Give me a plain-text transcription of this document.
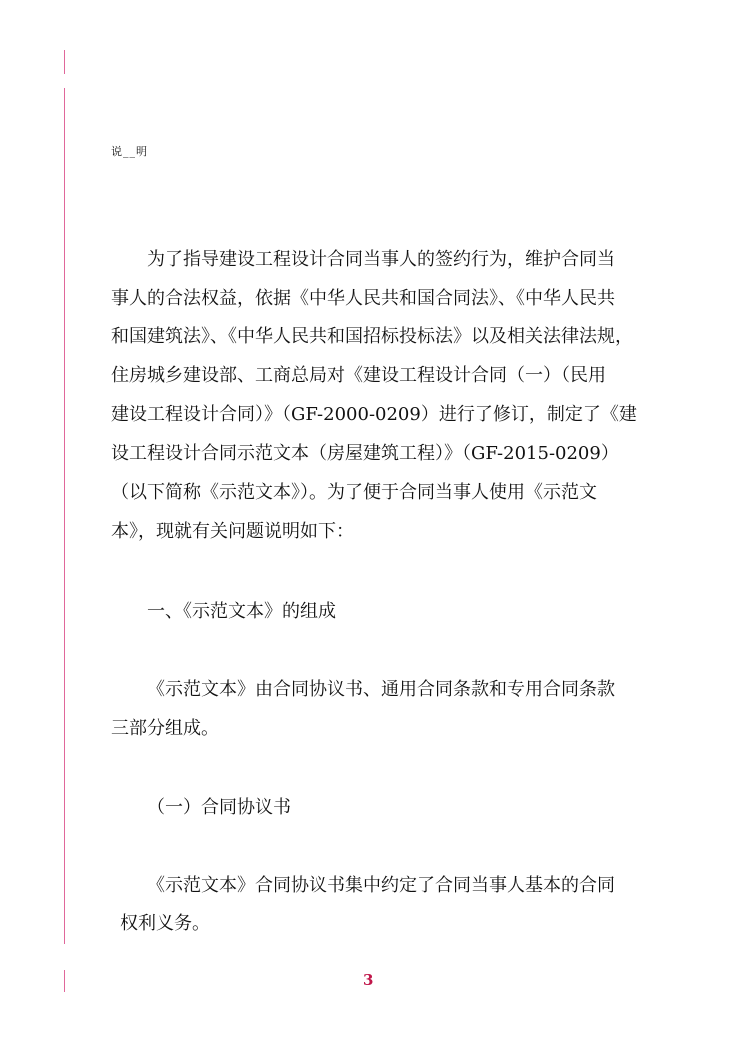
说__明
为了指导建设工程设计合同当事人的签约行为，维护合同当
事人的合法权益，依据《中华人民共和国合同法》、《中华人民共
和国建筑法》、《中华人民共和国招标投标法》以及相关法律法规，
住房城乡建设部、工商总局对《建设工程设计合同（一）（民用
建设工程设计合同）》（GF-2000-0209）进行了修订，制定了《建
设工程设计合同示范文本（房屋建筑工程）》（GF-2015-0209）
（以下简称《示范文本》）。为了便于合同当事人使用《示范文
本》，现就有关问题说明如下：
一、《示范文本》的组成
《示范文本》由合同协议书、通用合同条款和专用合同条款
三部分组成。
（一）合同协议书
《示范文本》合同协议书集中约定了合同当事人基本的合同
权利义务。
3
